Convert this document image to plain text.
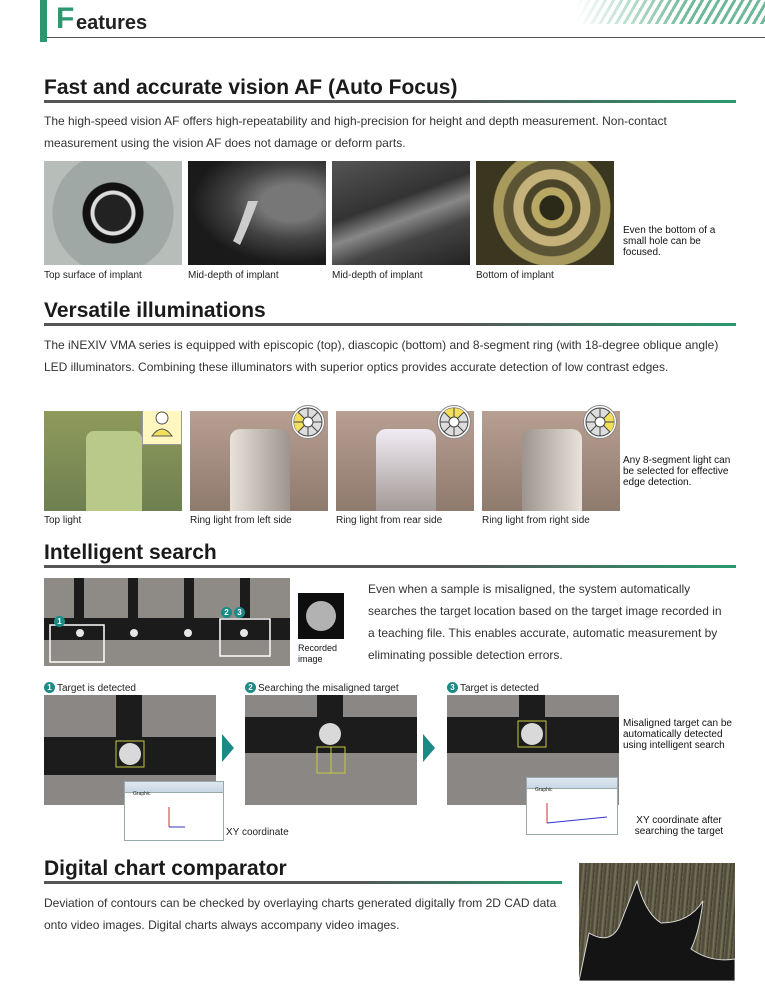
F eatures
Fast and accurate vision AF (Auto Focus)
The high-speed vision AF offers high-repeatability and high-precision for height and depth measurement. Non-contact measurement using the vision AF does not damage or deform parts.
Top surface of implant	Mid-depth of implant	Mid-depth of implant	Bottom of implant
Even the bottom of a small hole can be focused.
Versatile illuminations
The iNEXIV VMA series is equipped with episcopic (top), diascopic (bottom) and 8-segment ring (with 18-degree oblique angle) LED illuminators. Combining these illuminators with superior optics provides accurate detection of low contrast edges.
Top light	Ring light from left side	Ring light from rear side	Ring light from right side
Any 8-segment light can be selected for effective edge detection.
Intelligent search
1
2 3
Recorded image
Even when a sample is misaligned, the system automatically searches the target location based on the target image recorded in a teaching file. This enables accurate, automatic measurement by eliminating possible detection errors.
1 Target is detected	2 Searching the misaligned target	3 Target is detected
Graphic
XY coordinate
Graphic
Misaligned target can be automatically detected using intelligent search
XY coordinate after searching the target
Digital chart comparator
Deviation of contours can be checked by overlaying charts generated digitally from 2D CAD data onto video images. Digital charts always accompany video images.
